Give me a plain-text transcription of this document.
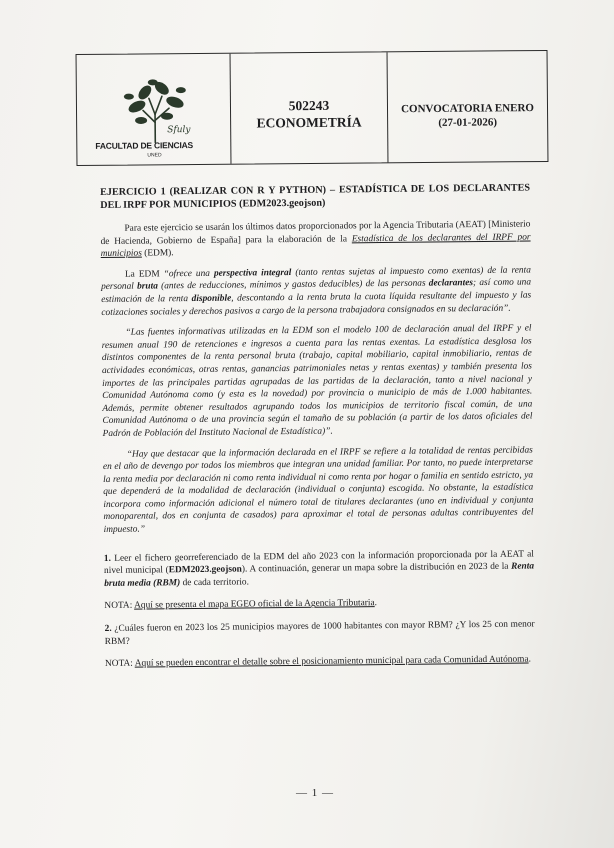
Sfuly
FACULTAD DE CIENCIAS
UNED
502243
ECONOMETRÍA
CONVOCATORIA ENERO
(27-01-2026)
EJERCICIO 1 (REALIZAR CON R Y PYTHON) – ESTADÍSTICA DE LOS DECLARANTES DEL IRPF POR MUNICIPIOS (EDM2023.geojson)

Para este ejercicio se usarán los últimos datos proporcionados por la Agencia Tributaria (AEAT) [Ministerio de Hacienda, Gobierno de España] para la elaboración de la Estadística de los declarantes del IRPF por municipios (EDM).

La EDM “ofrece una perspectiva integral (tanto rentas sujetas al impuesto como exentas) de la renta personal bruta (antes de reducciones, mínimos y gastos deducibles) de las personas declarantes; así como una estimación de la renta disponible, descontando a la renta bruta la cuota líquida resultante del impuesto y las cotizaciones sociales y derechos pasivos a cargo de la persona trabajadora consignados en su declaración”.

“Las fuentes informativas utilizadas en la EDM son el modelo 100 de declaración anual del IRPF y el resumen anual 190 de retenciones e ingresos a cuenta para las rentas exentas. La estadística desglosa los distintos componentes de la renta personal bruta (trabajo, capital mobiliario, capital inmobiliario, rentas de actividades económicas, otras rentas, ganancias patrimoniales netas y rentas exentas) y también presenta los importes de las principales partidas agrupadas de las partidas de la declaración, tanto a nivel nacional y Comunidad Autónoma como (y esta es la novedad) por provincia o municipio de más de 1.000 habitantes. Además, permite obtener resultados agrupando todos los municipios de territorio fiscal común, de una Comunidad Autónoma o de una provincia según el tamaño de su población (a partir de los datos oficiales del Padrón de Población del Instituto Nacional de Estadística)”.

“Hay que destacar que la información declarada en el IRPF se refiere a la totalidad de rentas percibidas en el año de devengo por todos los miembros que integran una unidad familiar. Por tanto, no puede interpretarse la renta media por declaración ni como renta individual ni como renta por hogar o familia en sentido estricto, ya que dependerá de la modalidad de declaración (individual o conjunta) escogida. No obstante, la estadística incorpora como información adicional el número total de titulares declarantes (uno en individual y conjunta monoparental, dos en conjunta de casados) para aproximar el total de personas adultas contribuyentes del impuesto.”

1. Leer el fichero georreferenciado de la EDM del año 2023 con la información proporcionada por la AEAT al nivel municipal (EDM2023.geojson). A continuación, generar un mapa sobre la distribución en 2023 de la Renta bruta media (RBM) de cada territorio.

NOTA: Aquí se presenta el mapa EGEO oficial de la Agencia Tributaria.

2. ¿Cuáles fueron en 2023 los 25 municipios mayores de 1000 habitantes con mayor RBM? ¿Y los 25 con menor RBM?

NOTA: Aquí se pueden encontrar el detalle sobre el posicionamiento municipal para cada Comunidad Autónoma.

— 1 —
